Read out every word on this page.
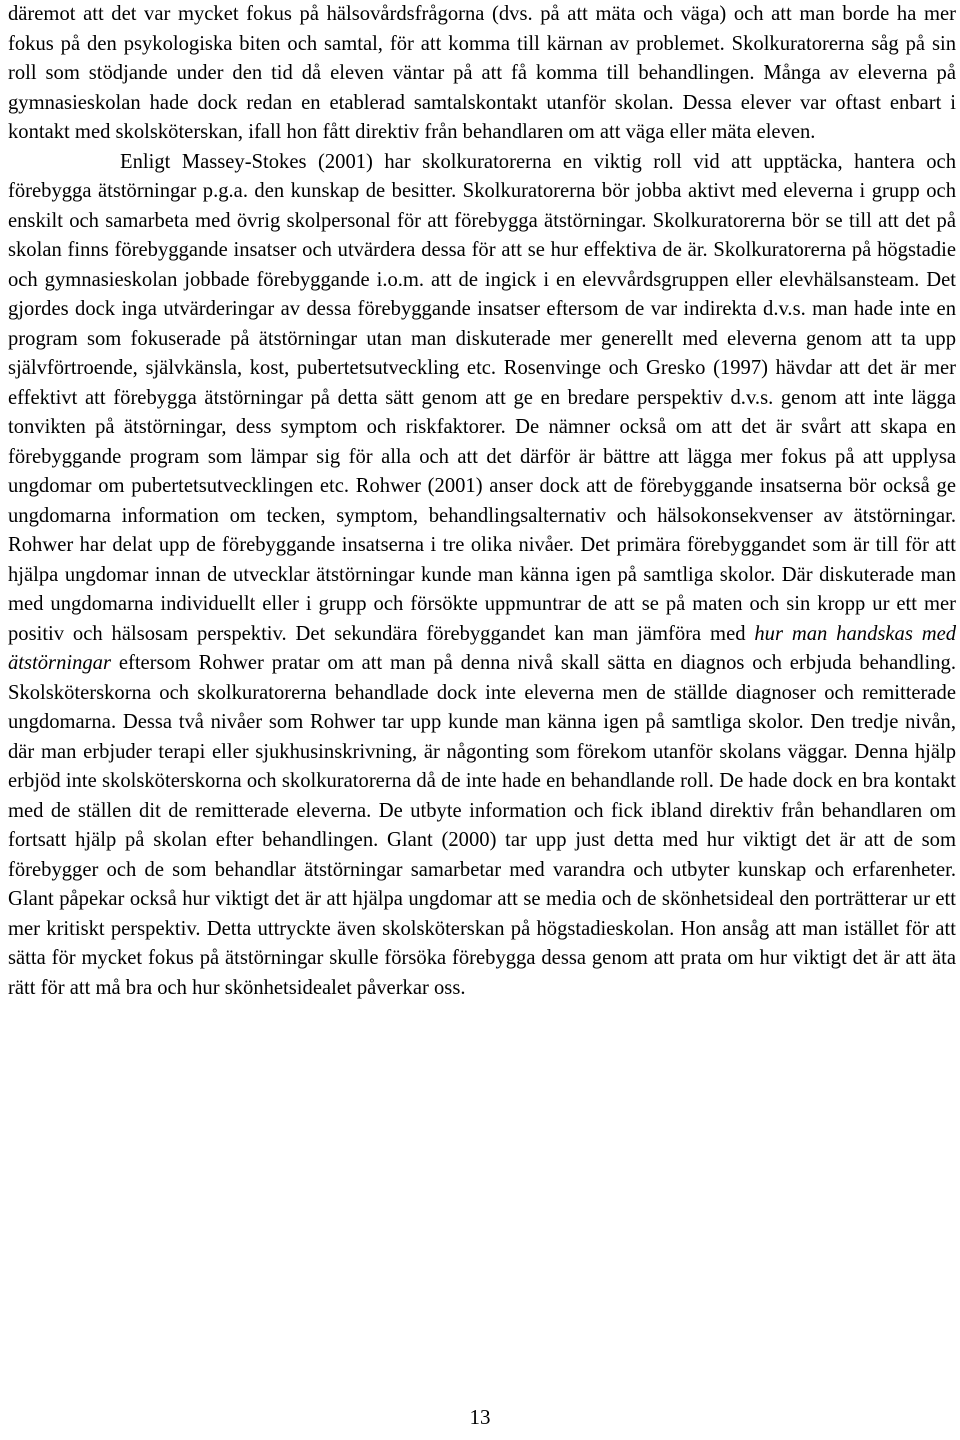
däremot att det var mycket fokus på hälsovårdsfrågorna (dvs. på att mäta och väga) och att man borde ha mer fokus på den psykologiska biten och samtal, för att komma till kärnan av problemet. Skolkuratorerna såg på sin roll som stödjande under den tid då eleven väntar på att få komma till behandlingen. Många av eleverna på gymnasieskolan hade dock redan en etablerad samtalskontakt utanför skolan. Dessa elever var oftast enbart i kontakt med skolsköterskan, ifall hon fått direktiv från behandlaren om att väga eller mäta eleven.

Enligt Massey-Stokes (2001) har skolkuratorerna en viktig roll vid att upptäcka, hantera och förebygga ätstörningar p.g.a. den kunskap de besitter. Skolkuratorerna bör jobba aktivt med eleverna i grupp och enskilt och samarbeta med övrig skolpersonal för att förebygga ätstörningar. Skolkuratorerna bör se till att det på skolan finns förebyggande insatser och utvärdera dessa för att se hur effektiva de är. Skolkuratorerna på högstadie och gymnasieskolan jobbade förebyggande i.o.m. att de ingick i en elevvårdsgruppen eller elevhälsansteam. Det gjordes dock inga utvärderingar av dessa förebyggande insatser eftersom de var indirekta d.v.s. man hade inte en program som fokuserade på ätstörningar utan man diskuterade mer generellt med eleverna genom att ta upp självförtroende, självkänsla, kost, pubertetsutveckling etc. Rosenvinge och Gresko (1997) hävdar att det är mer effektivt att förebygga ätstörningar på detta sätt genom att ge en bredare perspektiv d.v.s. genom att inte lägga tonvikten på ätstörningar, dess symptom och riskfaktorer. De nämner också om att det är svårt att skapa en förebyggande program som lämpar sig för alla och att det därför är bättre att lägga mer fokus på att upplysa ungdomar om pubertetsutvecklingen etc. Rohwer (2001) anser dock att de förebyggande insatserna bör också ge ungdomarna information om tecken, symptom, behandlingsalternativ och hälsokonsekvenser av ätstörningar. Rohwer har delat upp de förebyggande insatserna i tre olika nivåer. Det primära förebyggandet som är till för att hjälpa ungdomar innan de utvecklar ätstörningar kunde man känna igen på samtliga skolor. Där diskuterade man med ungdomarna individuellt eller i grupp och försökte uppmuntrar de att se på maten och sin kropp ur ett mer positiv och hälsosam perspektiv. Det sekundära förebyggandet kan man jämföra med hur man handskas med ätstörningar eftersom Rohwer pratar om att man på denna nivå skall sätta en diagnos och erbjuda behandling. Skolsköterskorna och skolkuratorerna behandlade dock inte eleverna men de ställde diagnoser och remitterade ungdomarna. Dessa två nivåer som Rohwer tar upp kunde man känna igen på samtliga skolor. Den tredje nivån, där man erbjuder terapi eller sjukhusinskrivning, är någonting som förekom utanför skolans väggar. Denna hjälp erbjöd inte skolsköterskorna och skolkuratorerna då de inte hade en behandlande roll. De hade dock en bra kontakt med de ställen dit de remitterade eleverna. De utbyte information och fick ibland direktiv från behandlaren om fortsatt hjälp på skolan efter behandlingen. Glant (2000) tar upp just detta med hur viktigt det är att de som förebygger och de som behandlar ätstörningar samarbetar med varandra och utbyter kunskap och erfarenheter. Glant påpekar också hur viktigt det är att hjälpa ungdomar att se media och de skönhetsideal den porträtterar ur ett mer kritiskt perspektiv. Detta uttryckte även skolsköterskan på högstadieskolan. Hon ansåg att man istället för att sätta för mycket fokus på ätstörningar skulle försöka förebygga dessa genom att prata om hur viktigt det är att äta rätt för att må bra och hur skönhetsidealet påverkar oss.

13
